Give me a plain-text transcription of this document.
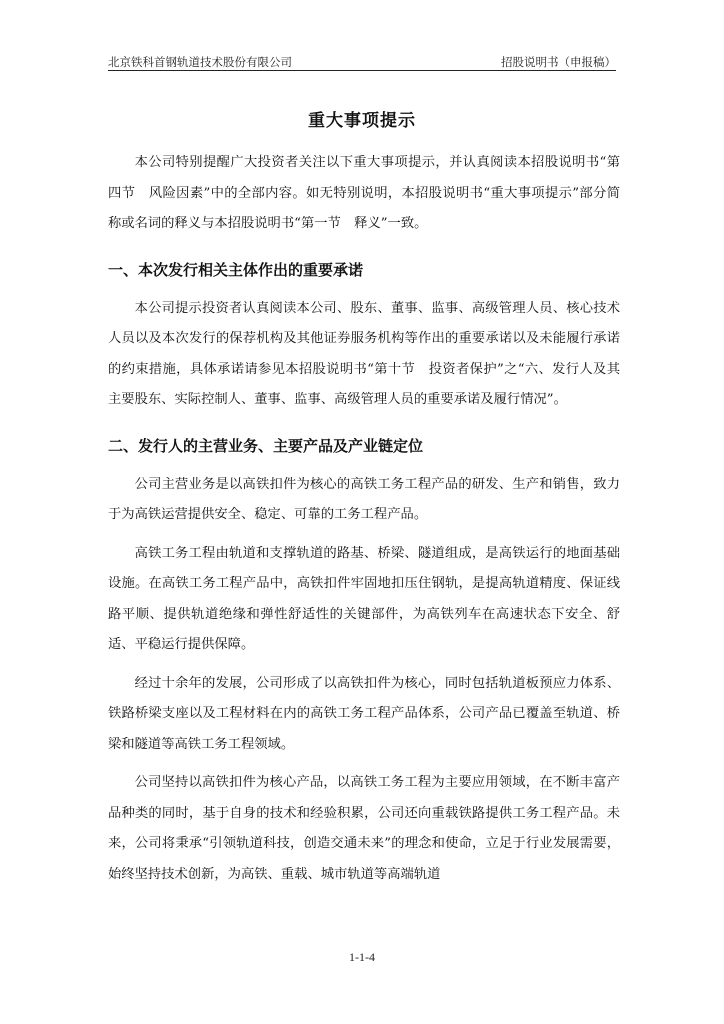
北京铁科首钢轨道技术股份有限公司	招股说明书（申报稿）
重大事项提示

本公司特别提醒广大投资者关注以下重大事项提示，并认真阅读本招股说明书“第四节　风险因素”中的全部内容。如无特别说明，本招股说明书“重大事项提示”部分简称或名词的释义与本招股说明书“第一节　释义”一致。

一、本次发行相关主体作出的重要承诺

本公司提示投资者认真阅读本公司、股东、董事、监事、高级管理人员、核心技术人员以及本次发行的保荐机构及其他证券服务机构等作出的重要承诺以及未能履行承诺的约束措施，具体承诺请参见本招股说明书“第十节　投资者保护”之“六、发行人及其主要股东、实际控制人、董事、监事、高级管理人员的重要承诺及履行情况”。

二、发行人的主营业务、主要产品及产业链定位

公司主营业务是以高铁扣件为核心的高铁工务工程产品的研发、生产和销售，致力于为高铁运营提供安全、稳定、可靠的工务工程产品。

高铁工务工程由轨道和支撑轨道的路基、桥梁、隧道组成，是高铁运行的地面基础设施。在高铁工务工程产品中，高铁扣件牢固地扣压住钢轨，是提高轨道精度、保证线路平顺、提供轨道绝缘和弹性舒适性的关键部件，为高铁列车在高速状态下安全、舒适、平稳运行提供保障。

经过十余年的发展，公司形成了以高铁扣件为核心，同时包括轨道板预应力体系、铁路桥梁支座以及工程材料在内的高铁工务工程产品体系，公司产品已覆盖至轨道、桥梁和隧道等高铁工务工程领域。

公司坚持以高铁扣件为核心产品，以高铁工务工程为主要应用领域，在不断丰富产品种类的同时，基于自身的技术和经验积累，公司还向重载铁路提供工务工程产品。未来，公司将秉承“引领轨道科技，创造交通未来”的理念和使命，立足于行业发展需要，始终坚持技术创新，为高铁、重载、城市轨道等高端轨道

1-1-4
